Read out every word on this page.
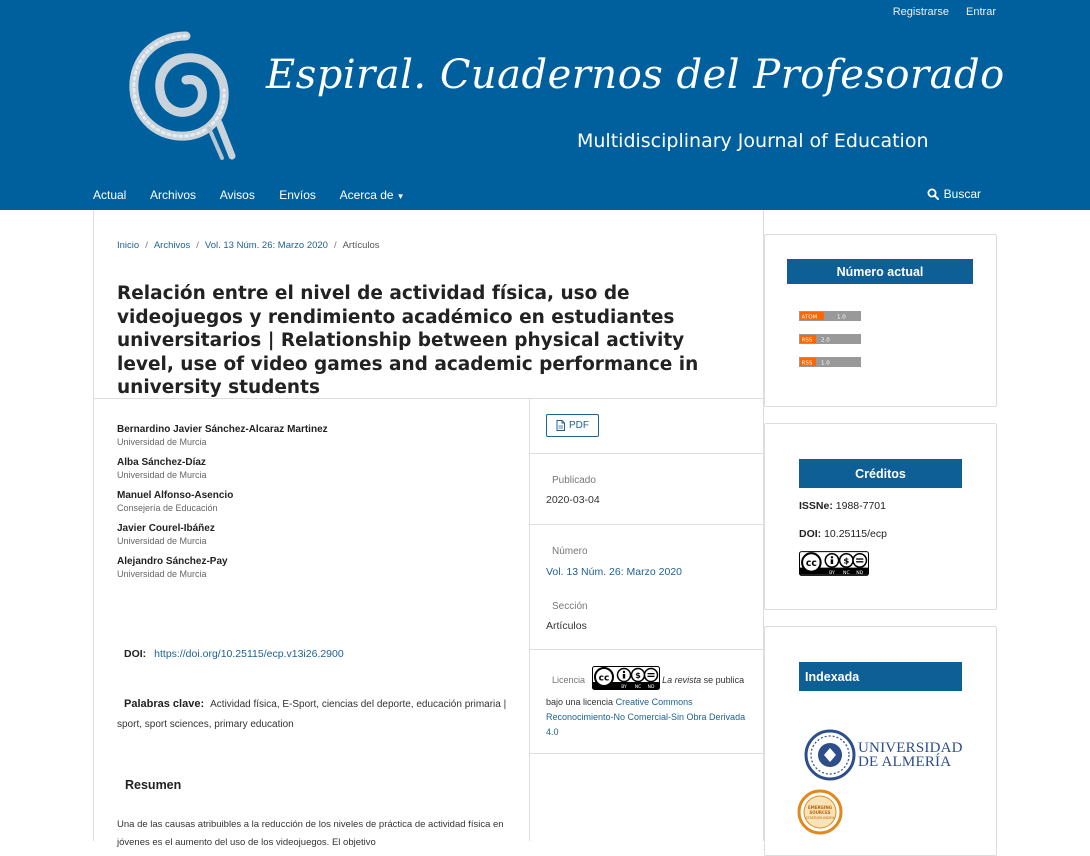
Registrarse Entrar
Espiral. Cuadernos del Profesorado
Multidisciplinary Journal of Education
Actual Archivos Avisos Envíos Acerca de ▼	Buscar
Inicio / Archivos / Vol. 13 Núm. 26: Marzo 2020 / Artículos
Relación entre el nivel de actividad física, uso de videojuegos y rendimiento académico en estudiantes universitarios | Relationship between physical activity level, use of video games and academic performance in university students
Bernardino Javier Sánchez-Alcaraz Martinez
Universidad de Murcia
Alba Sánchez-Díaz
Universidad de Murcia
Manuel Alfonso-Asencio
Consejería de Educación
Javier Courel-Ibáñez
Universidad de Murcia
Alejandro Sánchez-Pay
Universidad de Murcia
DOI: https://doi.org/10.25115/ecp.v13i26.2900
Palabras clave: Actividad física, E-Sport, ciencias del deporte, educación primaria | sport, sport sciences, primary education
Resumen

Una de las causas atribuibles a la reducción de los niveles de práctica de actividad física en jóvenes es el aumento del uso de los videojuegos. El objetivo

PDF
Publicado
2020-03-04
Número
Vol. 13 Núm. 26: Marzo 2020
Sección
Artículos
Licencia cc	$
BY NC ND
La revista se publica bajo una licencia Creative Commons Reconocimiento-No Comercial-Sin Obra Derivada 4.0
Número actual
ATOM	1.0
RSS 2.0
RSS 1.0
Créditos
ISSNe: 1988-7701
DOI: 10.25115/ecp
cc	$
BY NC ND
Indexada
UNIVERSIDAD
DE ALMERÍA
EMERGING
SOURCES
CITATION INDEX
